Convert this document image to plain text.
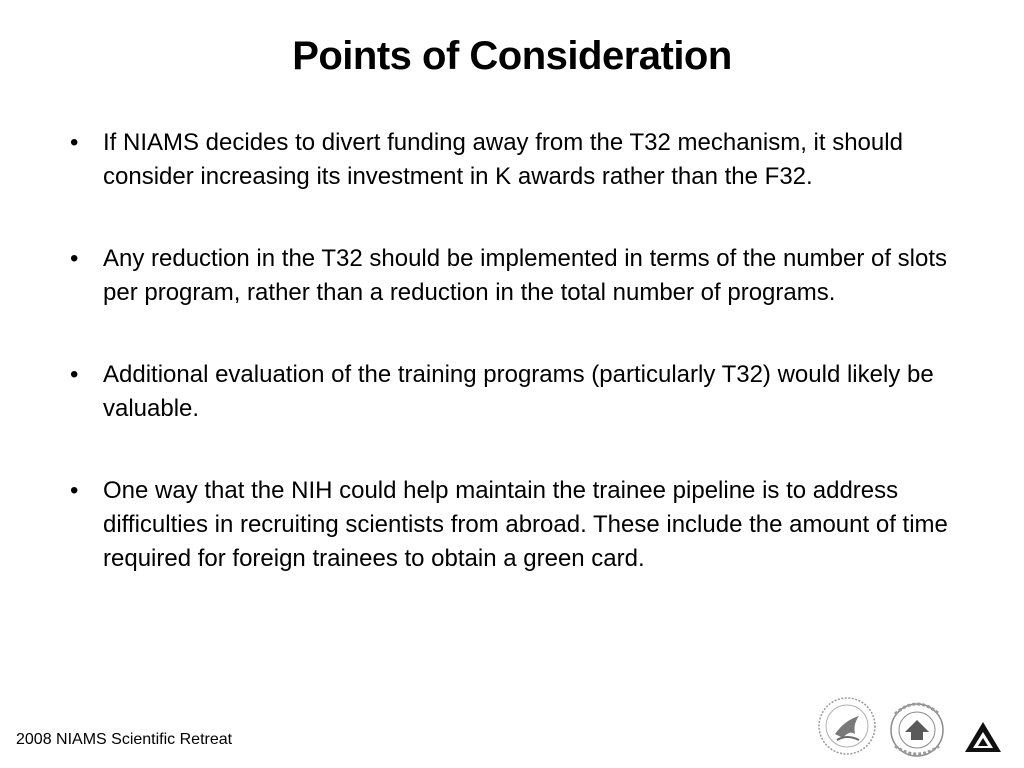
Points of Consideration
• If NIAMS decides to divert funding away from the T32 mechanism, it should consider increasing its investment in K awards rather than the F32.
• Any reduction in the T32 should be implemented in terms of the number of slots per program, rather than a reduction in the total number of programs.
• Additional evaluation of the training programs (particularly T32) would likely be valuable.
• One way that the NIH could help maintain the trainee pipeline is to address difficulties in recruiting scientists from abroad. These include the amount of time required for foreign trainees to obtain a green card.
2008 NIAMS Scientific Retreat
